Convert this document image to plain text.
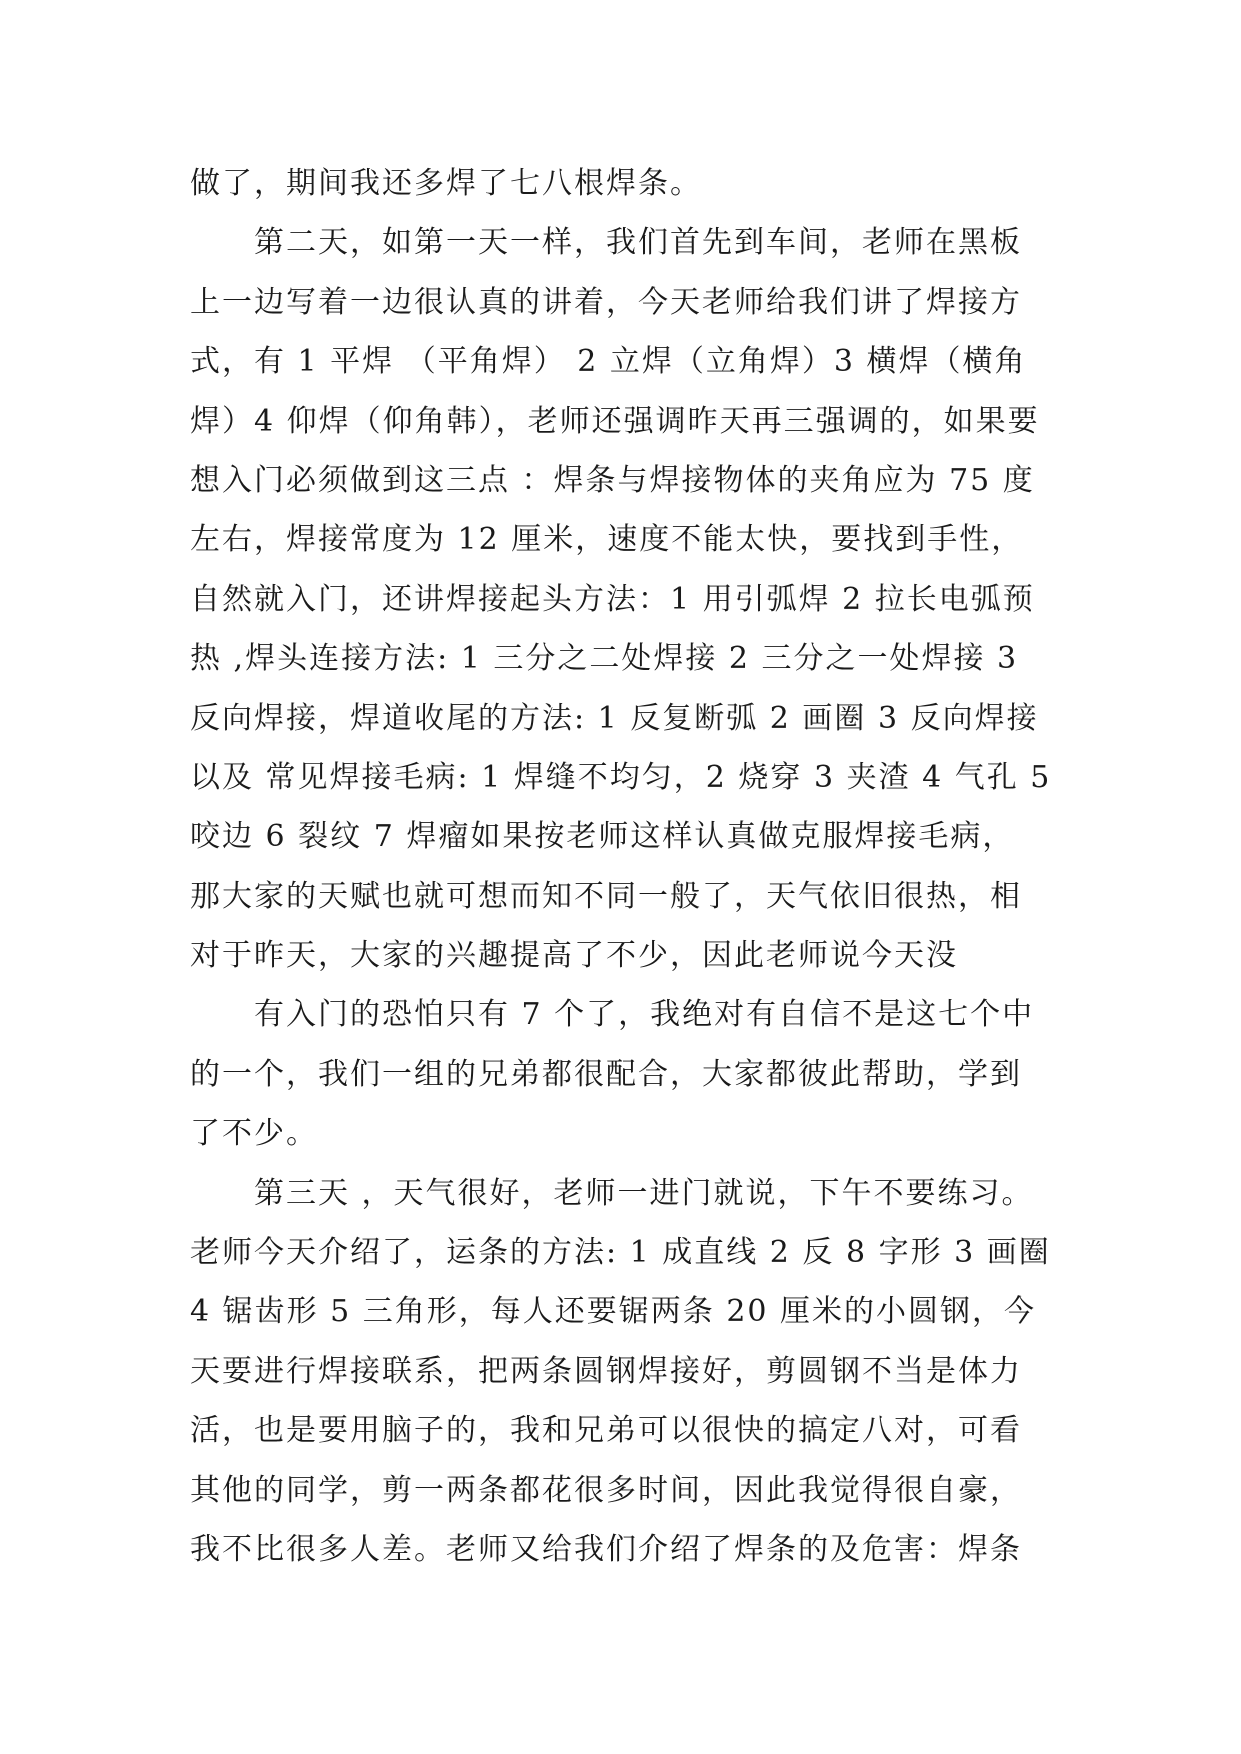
做了，期间我还多焊了七八根焊条。
第二天，如第一天一样，我们首先到车间，老师在黑板
上一边写着一边很认真的讲着，今天老师给我们讲了焊接方
式，有 1 平焊 （平角焊） 2 立焊（立角焊）3 横焊（横角
焊）4 仰焊（仰角韩），老师还强调昨天再三强调的，如果要
想入门必须做到这三点 ：焊条与焊接物体的夹角应为 75 度
左右，焊接常度为 12 厘米，速度不能太快，要找到手性，
自然就入门，还讲焊接起头方法：1 用引弧焊 2 拉长电弧预
热 ,焊头连接方法: 1 三分之二处焊接 2 三分之一处焊接 3
反向焊接，焊道收尾的方法: 1 反复断弧 2 画圈 3 反向焊接
以及 常见焊接毛病: 1 焊缝不均匀，2 烧穿 3 夹渣 4 气孔 5
咬边 6 裂纹 7 焊瘤如果按老师这样认真做克服焊接毛病，
那大家的天赋也就可想而知不同一般了，天气依旧很热，相
对于昨天，大家的兴趣提高了不少，因此老师说今天没
有入门的恐怕只有 7 个了，我绝对有自信不是这七个中
的一个，我们一组的兄弟都很配合，大家都彼此帮助，学到
了不少。
第三天 ，天气很好，老师一进门就说，下午不要练习。
老师今天介绍了，运条的方法: 1 成直线 2 反 8 字形 3 画圈
4 锯齿形 5 三角形，每人还要锯两条 20 厘米的小圆钢，今
天要进行焊接联系，把两条圆钢焊接好，剪圆钢不当是体力
活，也是要用脑子的，我和兄弟可以很快的搞定八对，可看
其他的同学，剪一两条都花很多时间，因此我觉得很自豪，
我不比很多人差。老师又给我们介绍了焊条的及危害：焊条
